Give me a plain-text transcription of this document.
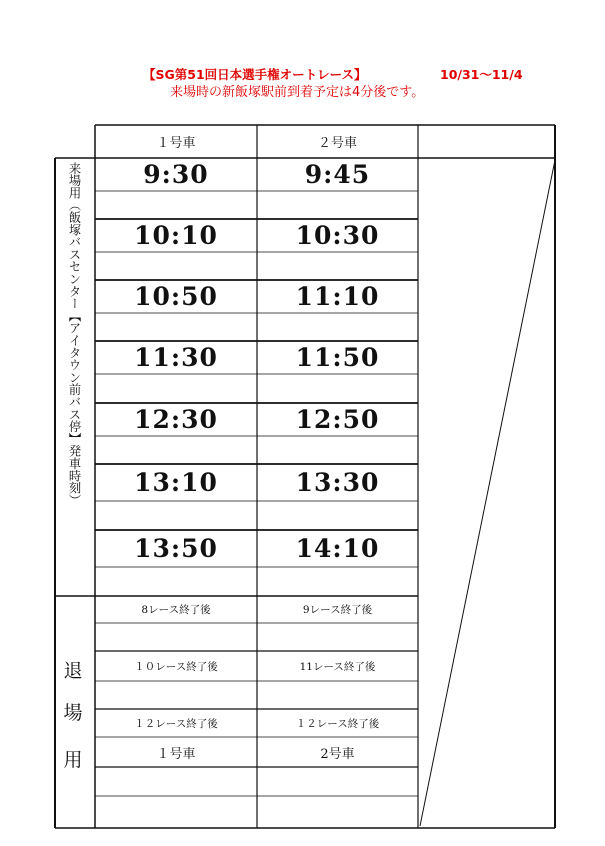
【SG第51回日本選手権オートレース】	10/31～11/4
来場時の新飯塚駅前到着予定は4分後です。
１号車	２号車
来場用（飯塚バスセンター【アイタウン前バス停】発車時刻）	9:30	9:45
10:10	10:30
10:50	11:10
11:30	11:50
12:30	12:50
13:10	13:30
13:50	14:10
退
場
用
8レース終了後	9レース終了後
１０レース終了後	11レース終了後
１２レース終了後	１２レース終了後
１号車	2号車
